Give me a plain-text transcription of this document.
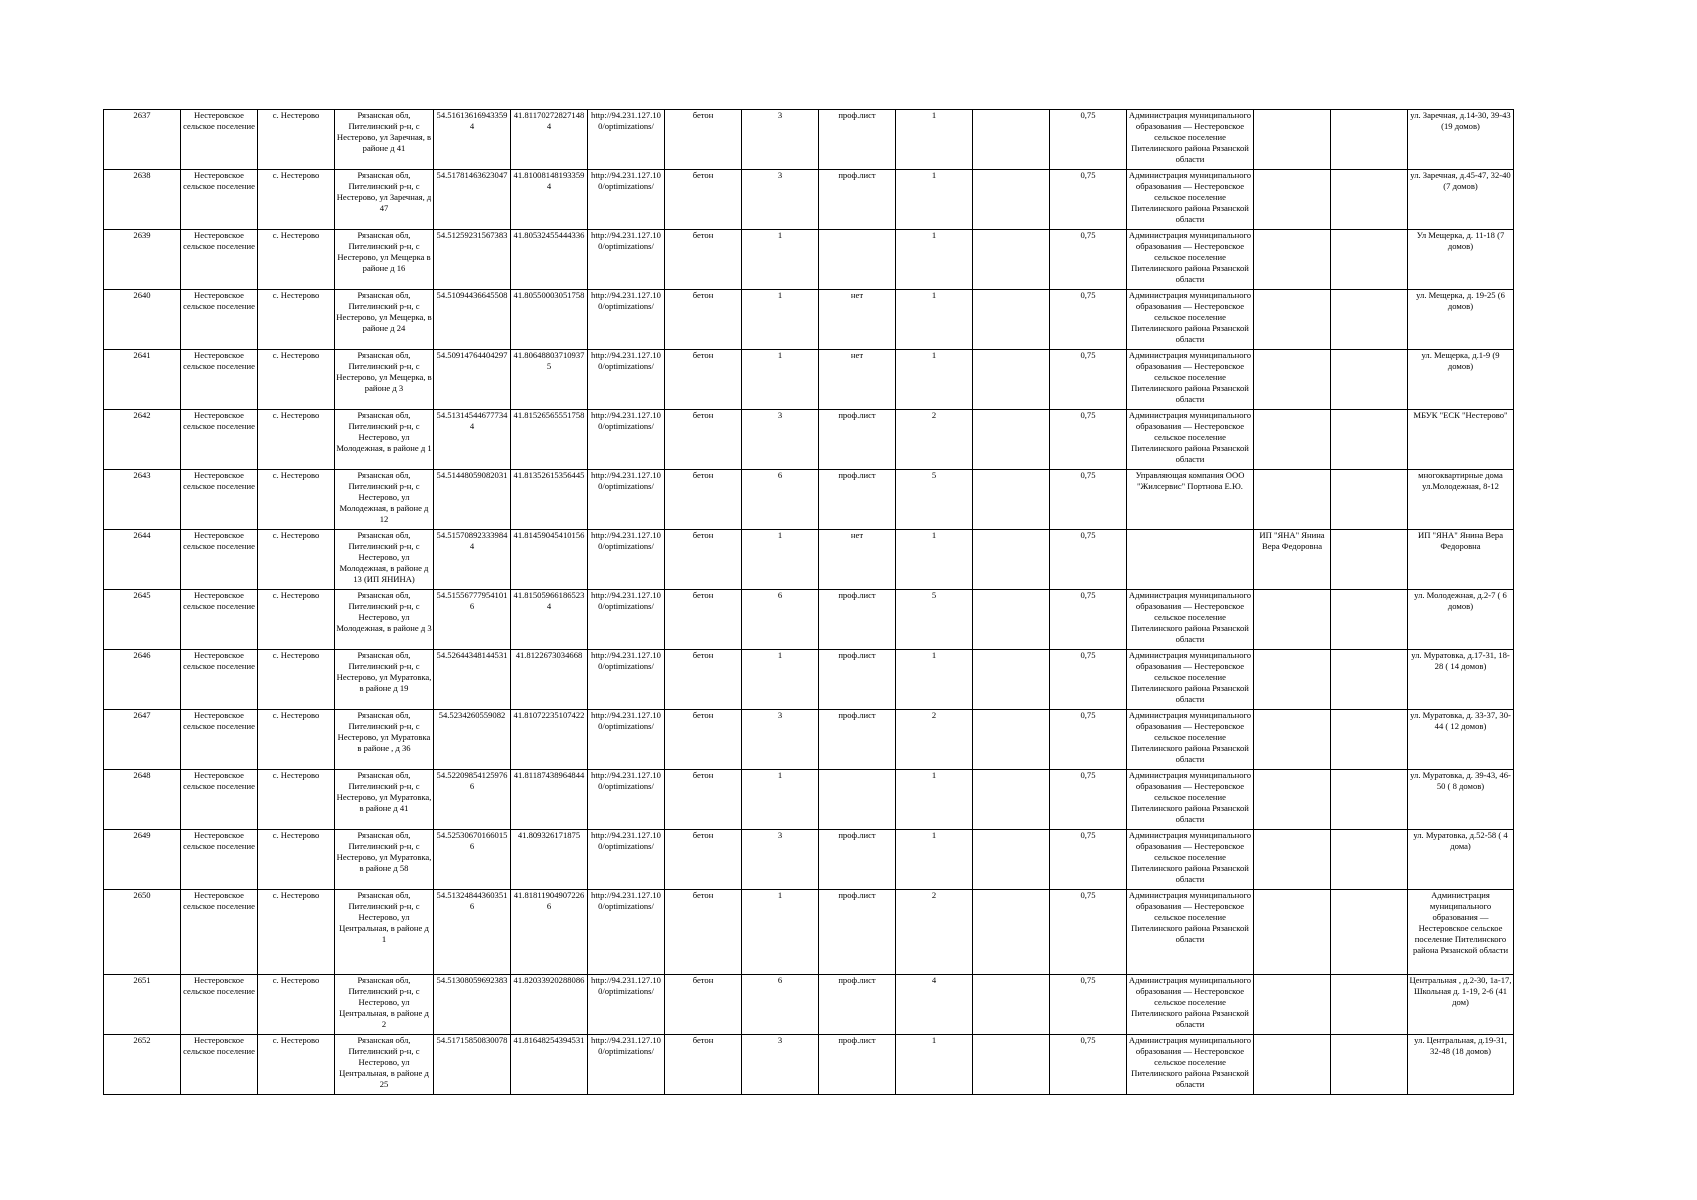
2637	Нестеровское сельское поселение	с. Нестерово	Рязанская обл, Пителинский р-н, с Нестерово, ул Заречная, в районе д 41	54.516136169433594	41.811702728271484	http://94.231.127.100/optimizations/	бетон	3	проф.лист	1		0,75	Администрация муниципального образования — Нестеровское сельское поселение Пителинского района Рязанской области			ул. Заречная, д.14-30, 39-43 (19 домов)
2638	Нестеровское сельское поселение	с. Нестерово	Рязанская обл, Пителинский р-н, с Нестерово, ул Заречная, д 47	54.51781463623047	41.810081481933594	http://94.231.127.100/optimizations/	бетон	3	проф.лист	1		0,75	Администрация муниципального образования — Нестеровское сельское поселение Пителинского района Рязанской области			ул. Заречная, д.45-47, 32-40 (7 домов)
2639	Нестеровское сельское поселение	с. Нестерово	Рязанская обл, Пителинский р-н, с Нестерово, ул Мещерка в районе д 16	54.51259231567383	41.80532455444336	http://94.231.127.100/optimizations/	бетон	1		1		0,75	Администрация муниципального образования — Нестеровское сельское поселение Пителинского района Рязанской области			Ул Мещерка, д. 11-18 (7 домов)
2640	Нестеровское сельское поселение	с. Нестерово	Рязанская обл, Пителинский р-н, с Нестерово, ул Мещерка, в районе д 24	54.51094436645508	41.80550003051758	http://94.231.127.100/optimizations/	бетон	1	нет	1		0,75	Администрация муниципального образования — Нестеровское сельское поселение Пителинского района Рязанской области			ул. Мещерка, д. 19-25 (6 домов)
2641	Нестеровское сельское поселение	с. Нестерово	Рязанская обл, Пителинский р-н, с Нестерово, ул Мещерка, в районе д 3	54.50914764404297	41.806488037109375	http://94.231.127.100/optimizations/	бетон	1	нет	1		0,75	Администрация муниципального образования — Нестеровское сельское поселение Пителинского района Рязанской области			ул. Мещерка, д.1-9 (9 домов)
2642	Нестеровское сельское поселение	с. Нестерово	Рязанская обл, Пителинский р-н, с Нестерово, ул Молодежная, в районе д 1	54.513145446777344	41.81526565551758	http://94.231.127.100/optimizations/	бетон	3	проф.лист	2		0,75	Администрация муниципального образования — Нестеровское сельское поселение Пителинского района Рязанской области			МБУК "ЕСК "Нестерово"
2643	Нестеровское сельское поселение	с. Нестерово	Рязанская обл, Пителинский р-н, с Нестерово, ул Молодежная, в районе д 12	54.51448059082031	41.81352615356445	http://94.231.127.100/optimizations/	бетон	6	проф.лист	5		0,75	Управляющая компания ООО "Жилсервис" Портнова Е.Ю.			многоквартирные дома ул.Молодежная, 8-12
2644	Нестеровское сельское поселение	с. Нестерово	Рязанская обл, Пителинский р-н, с Нестерово, ул Молодежная, в районе д 13 (ИП ЯНИНА)	54.515708923339844	41.81459045410156	http://94.231.127.100/optimizations/	бетон	1	нет	1		0,75		ИП "ЯНА" Янина Вера Федоровна		ИП "ЯНА" Янина Вера Федоровна
2645	Нестеровское сельское поселение	с. Нестерово	Рязанская обл, Пителинский р-н, с Нестерово, ул Молодежная, в районе д 3	54.515567779541016	41.815059661865234	http://94.231.127.100/optimizations/	бетон	6	проф.лист	5		0,75	Администрация муниципального образования — Нестеровское сельское поселение Пителинского района Рязанской области			ул. Молодежная, д.2-7 ( 6 домов)
2646	Нестеровское сельское поселение	с. Нестерово	Рязанская обл, Пителинский р-н, с Нестерово, ул Муратовка, в районе д 19	54.52644348144531	41.8122673034668	http://94.231.127.100/optimizations/	бетон	1	проф.лист	1		0,75	Администрация муниципального образования — Нестеровское сельское поселение Пителинского района Рязанской области			ул. Муратовка, д.17-31, 18-28 ( 14 домов)
2647	Нестеровское сельское поселение	с. Нестерово	Рязанская обл, Пителинский р-н, с Нестерово, ул Муратовка в районе , д 36	54.5234260559082	41.81072235107422	http://94.231.127.100/optimizations/	бетон	3	проф.лист	2		0,75	Администрация муниципального образования — Нестеровское сельское поселение Пителинского района Рязанской области			ул. Муратовка, д. 33-37, 30-44 ( 12 домов)
2648	Нестеровское сельское поселение	с. Нестерово	Рязанская обл, Пителинский р-н, с Нестерово, ул Муратовка, в районе д 41	54.522098541259766	41.81187438964844	http://94.231.127.100/optimizations/	бетон	1		1		0,75	Администрация муниципального образования — Нестеровское сельское поселение Пителинского района Рязанской области			ул. Муратовка, д. 39-43, 46-50 ( 8 домов)
2649	Нестеровское сельское поселение	с. Нестерово	Рязанская обл, Пителинский р-н, с Нестерово, ул Муратовка, в районе д 58	54.525306701660156	41.809326171875	http://94.231.127.100/optimizations/	бетон	3	проф.лист	1		0,75	Администрация муниципального образования — Нестеровское сельское поселение Пителинского района Рязанской области			ул. Муратовка, д.52-58 ( 4 дома)
2650	Нестеровское сельское поселение	с. Нестерово	Рязанская обл, Пителинский р-н, с Нестерово, ул Центральная, в районе д 1	54.513248443603516	41.818119049072266	http://94.231.127.100/optimizations/	бетон	1	проф.лист	2		0,75	Администрация муниципального образования — Нестеровское сельское поселение Пителинского района Рязанской области			Администрация муниципального образования — Нестеровское сельское поселение Пителинского района Рязанской области
2651	Нестеровское сельское поселение	с. Нестерово	Рязанская обл, Пителинский р-н, с Нестерово, ул Центральная, в районе д 2	54.51308059692383	41.82033920288086	http://94.231.127.100/optimizations/	бетон	6	проф.лист	4		0,75	Администрация муниципального образования — Нестеровское сельское поселение Пителинского района Рязанской области			Центральная , д.2-30, 1а-17, Школьная д. 1-19, 2-6 (41 дом)
2652	Нестеровское сельское поселение	с. Нестерово	Рязанская обл, Пителинский р-н, с Нестерово, ул Центральная, в районе д 25	54.51715850830078	41.81648254394531	http://94.231.127.100/optimizations/	бетон	3	проф.лист	1		0,75	Администрация муниципального образования — Нестеровское сельское поселение Пителинского района Рязанской области			ул. Центральная, д.19-31, 32-48 (18 домов)
